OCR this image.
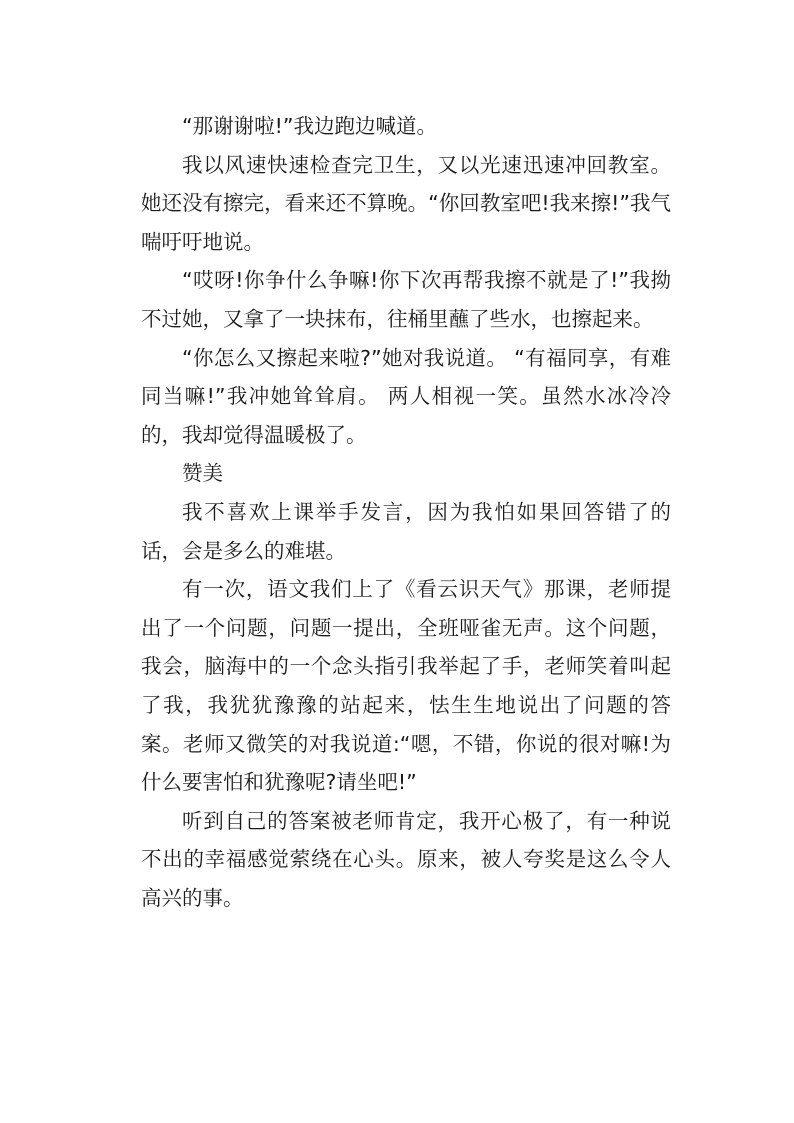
“那谢谢啦!”我边跑边喊道。

我以风速快速检查完卫生，又以光速迅速冲回教室。她还没有擦完，看来还不算晚。“你回教室吧!我来擦!”我气喘吁吁地说。

“哎呀!你争什么争嘛!你下次再帮我擦不就是了!”我拗不过她，又拿了一块抹布，往桶里蘸了些水，也擦起来。

“你怎么又擦起来啦?”她对我说道。 “有福同享，有难同当嘛!”我冲她耸耸肩。 两人相视一笑。虽然水冰冷冷的，我却觉得温暖极了。

赞美

我不喜欢上课举手发言，因为我怕如果回答错了的话，会是多么的难堪。

有一次，语文我们上了《看云识天气》那课，老师提出了一个问题，问题一提出，全班哑雀无声。这个问题，我会，脑海中的一个念头指引我举起了手，老师笑着叫起了我，我犹犹豫豫的站起来，怯生生地说出了问题的答案。老师又微笑的对我说道:“嗯，不错，你说的很对嘛!为什么要害怕和犹豫呢?请坐吧!”

听到自己的答案被老师肯定，我开心极了，有一种说不出的幸福感觉萦绕在心头。原来，被人夸奖是这么令人高兴的事。
